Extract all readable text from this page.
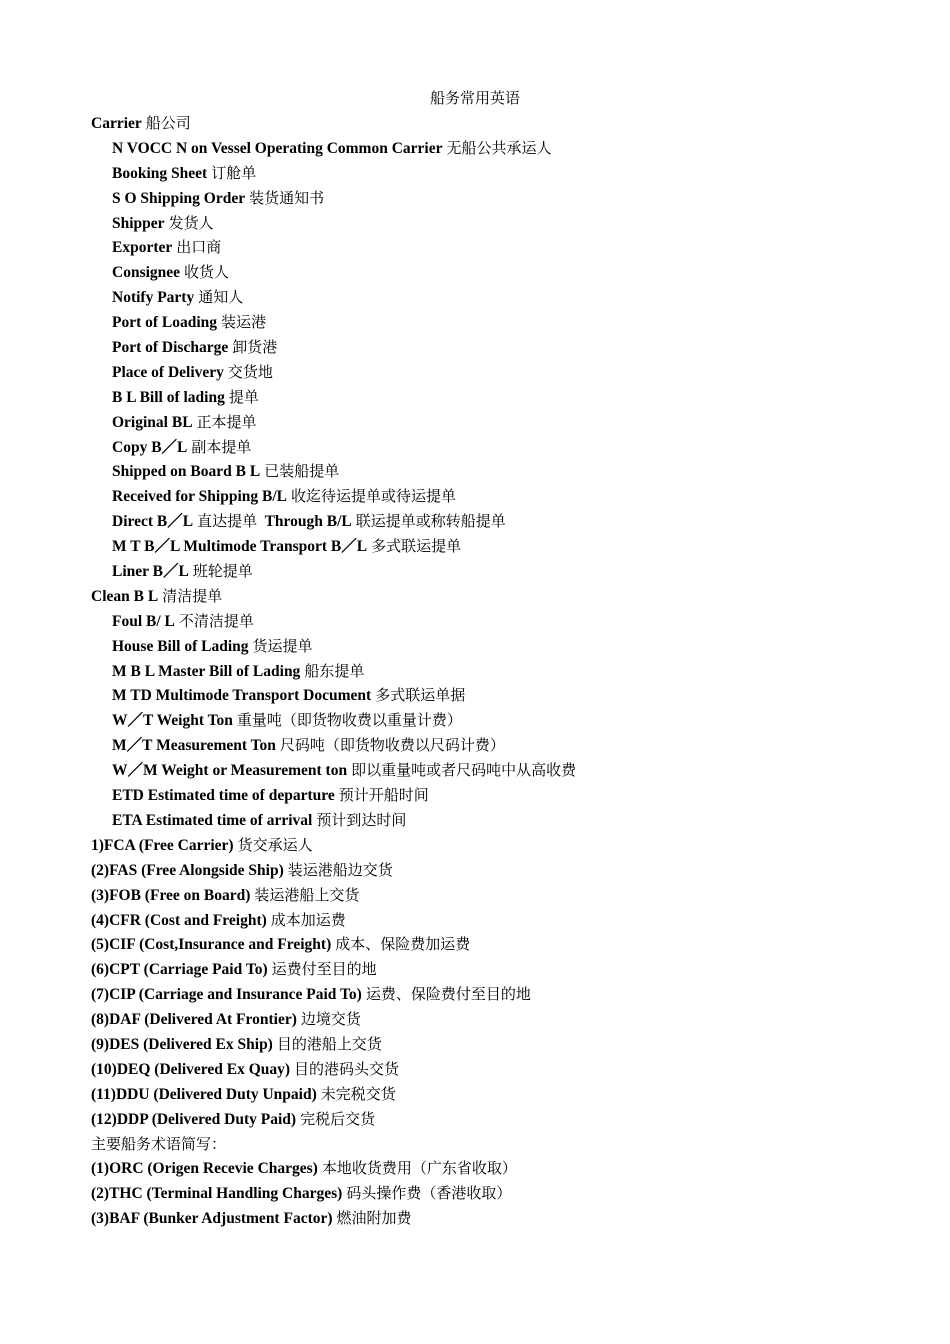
船务常用英语
Carrier 船公司
N VOCC N on Vessel Operating Common Carrier 无船公共承运人
Booking Sheet 订舱单
S O Shipping Order 装货通知书
Shipper 发货人
Exporter 出口商
Consignee 收货人
Notify Party 通知人
Port of Loading 装运港
Port of Discharge 卸货港
Place of Delivery 交货地
B L Bill of lading 提单
Original BL 正本提单
Copy B／L 副本提单
Shipped on Board B L 已装船提单
Received for Shipping B/L 收迄待运提单或待运提单
Direct B／L 直达提单  Through B/L 联运提单或称转船提单
M T B／L Multimode Transport B／L 多式联运提单
Liner B／L 班轮提单
Clean B L 清洁提单
Foul B/ L 不清洁提单
House Bill of Lading 货运提单
M B L Master Bill of Lading 船东提单
M TD Multimode Transport Document 多式联运单据
W／T Weight Ton 重量吨（即货物收费以重量计费）
M／T Measurement Ton 尺码吨（即货物收费以尺码计费）
W／M Weight or Measurement ton 即以重量吨或者尺码吨中从高收费
ETD Estimated time of departure 预计开船时间
ETA Estimated time of arrival 预计到达时间
1)FCA (Free Carrier) 货交承运人
(2)FAS (Free Alongside Ship) 装运港船边交货
(3)FOB (Free on Board) 装运港船上交货
(4)CFR (Cost and Freight) 成本加运费
(5)CIF (Cost,Insurance and Freight) 成本、保险费加运费
(6)CPT (Carriage Paid To) 运费付至目的地
(7)CIP (Carriage and Insurance Paid To) 运费、保险费付至目的地
(8)DAF (Delivered At Frontier) 边境交货
(9)DES (Delivered Ex Ship) 目的港船上交货
(10)DEQ (Delivered Ex Quay) 目的港码头交货
(11)DDU (Delivered Duty Unpaid) 未完税交货
(12)DDP (Delivered Duty Paid) 完税后交货
主要船务术语简写：
(1)ORC (Origen Recevie Charges) 本地收货费用（广东省收取）
(2)THC (Terminal Handling Charges) 码头操作费（香港收取）
(3)BAF (Bunker Adjustment Factor) 燃油附加费
